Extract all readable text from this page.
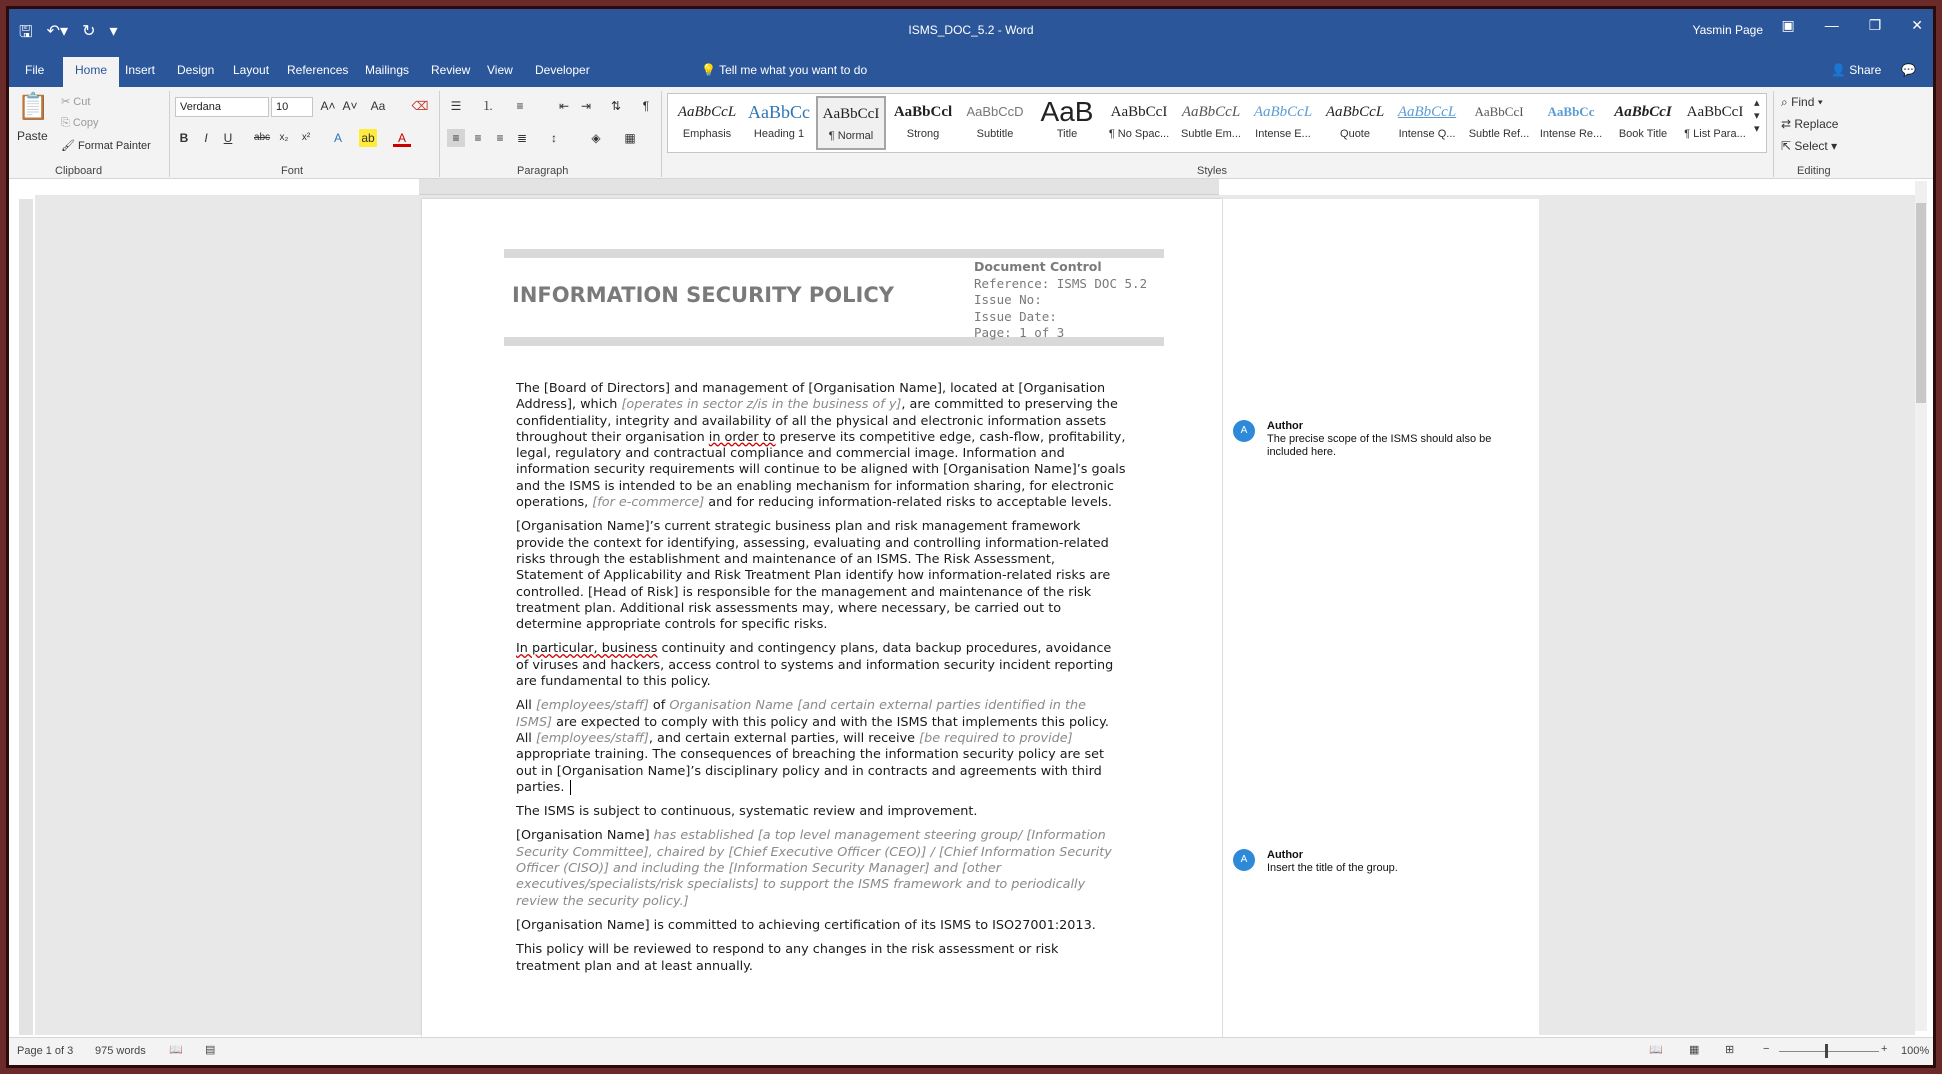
🖫 ↶▾ ↻ ▾	ISMS_DOC_5.2 - Word	Yasmin Page ▣ — ❐ ✕
File	Home	Insert	Design	Layout	References	Mailings	Review	View	Developer	💡 Tell me what you want to do	👤 Share	💬
📋
Paste
✂ Cut
⎘ Copy
🖌 Format Painter
Clipboard
Verdana	10	A˄ A˅ Aa ⌫
B	I	U	abc x₂	x²	A	ab	A
Font
☰	⒈	≡	⇤ ⇥	⇅	¶
≡	≡	≡	≣	↕	◈	▦
Paragraph
AaBbCcL
Emphasis
AaBbCc
Heading 1
AaBbCcI
¶ Normal
AaBbCcl
Strong
AaBbCcD
Subtitle
AaB
Title
AaBbCcI
¶ No Spac...
AaBbCcL
Subtle Em...
AaBbCcL
Intense E...
AaBbCcL
Quote
AaBbCcL
Intense Q...
AaBbCcI
Subtle Ref...
AaBbCc
Intense Re...
AaBbCcI
Book Title
AaBbCcI
¶ List Para...
▴
▾
▾
Styles
⌕ Find ▾
⇄ Replace
⇱ Select ▾
Editing
INFORMATION SECURITY POLICY
Document Control
Reference: ISMS DOC 5.2
Issue No:
Issue Date:
Page: 1 of 3

The [Board of Directors] and management of [Organisation Name], located at [Organisation Address], which [operates in sector z/is in the business of y], are committed to preserving the confidentiality, integrity and availability of all the physical and electronic information assets throughout their organisation in order to preserve its competitive edge, cash-flow, profitability, legal, regulatory and contractual compliance and commercial image. Information and information security requirements will continue to be aligned with [Organisation Name]’s goals and the ISMS is intended to be an enabling mechanism for information sharing, for electronic operations, [for e-commerce] and for reducing information-related risks to acceptable levels.

[Organisation Name]’s current strategic business plan and risk management framework provide the context for identifying, assessing, evaluating and controlling information-related risks through the establishment and maintenance of an ISMS. The Risk Assessment, Statement of Applicability and Risk Treatment Plan identify how information-related risks are controlled. [Head of Risk] is responsible for the management and maintenance of the risk treatment plan. Additional risk assessments may, where necessary, be carried out to determine appropriate controls for specific risks.

In particular, business continuity and contingency plans, data backup procedures, avoidance of viruses and hackers, access control to systems and information security incident reporting are fundamental to this policy.

All [employees/staff] of Organisation Name [and certain external parties identified in the ISMS] are expected to comply with this policy and with the ISMS that implements this policy. All [employees/staff], and certain external parties, will receive [be required to provide] appropriate training. The consequences of breaching the information security policy are set out in [Organisation Name]’s disciplinary policy and in contracts and agreements with third parties.

The ISMS is subject to continuous, systematic review and improvement.

[Organisation Name] has established [a top level management steering group/ [Information Security Committee], chaired by [Chief Executive Officer (CEO)] / [Chief Information Security Officer (CISO)] and including the [Information Security Manager] and [other executives/specialists/risk specialists] to support the ISMS framework and to periodically review the security policy.]

[Organisation Name] is committed to achieving certification of its ISMS to ISO27001:2013.

This policy will be reviewed to respond to any changes in the risk assessment or risk treatment plan and at least annually.

A	Author
The precise scope of the ISMS should also be included here.
A	Author
Insert the title of the group.
Page 1 of 3 975 words 📖 ▤	📖 ▦ ⊞	−	+ 100%
